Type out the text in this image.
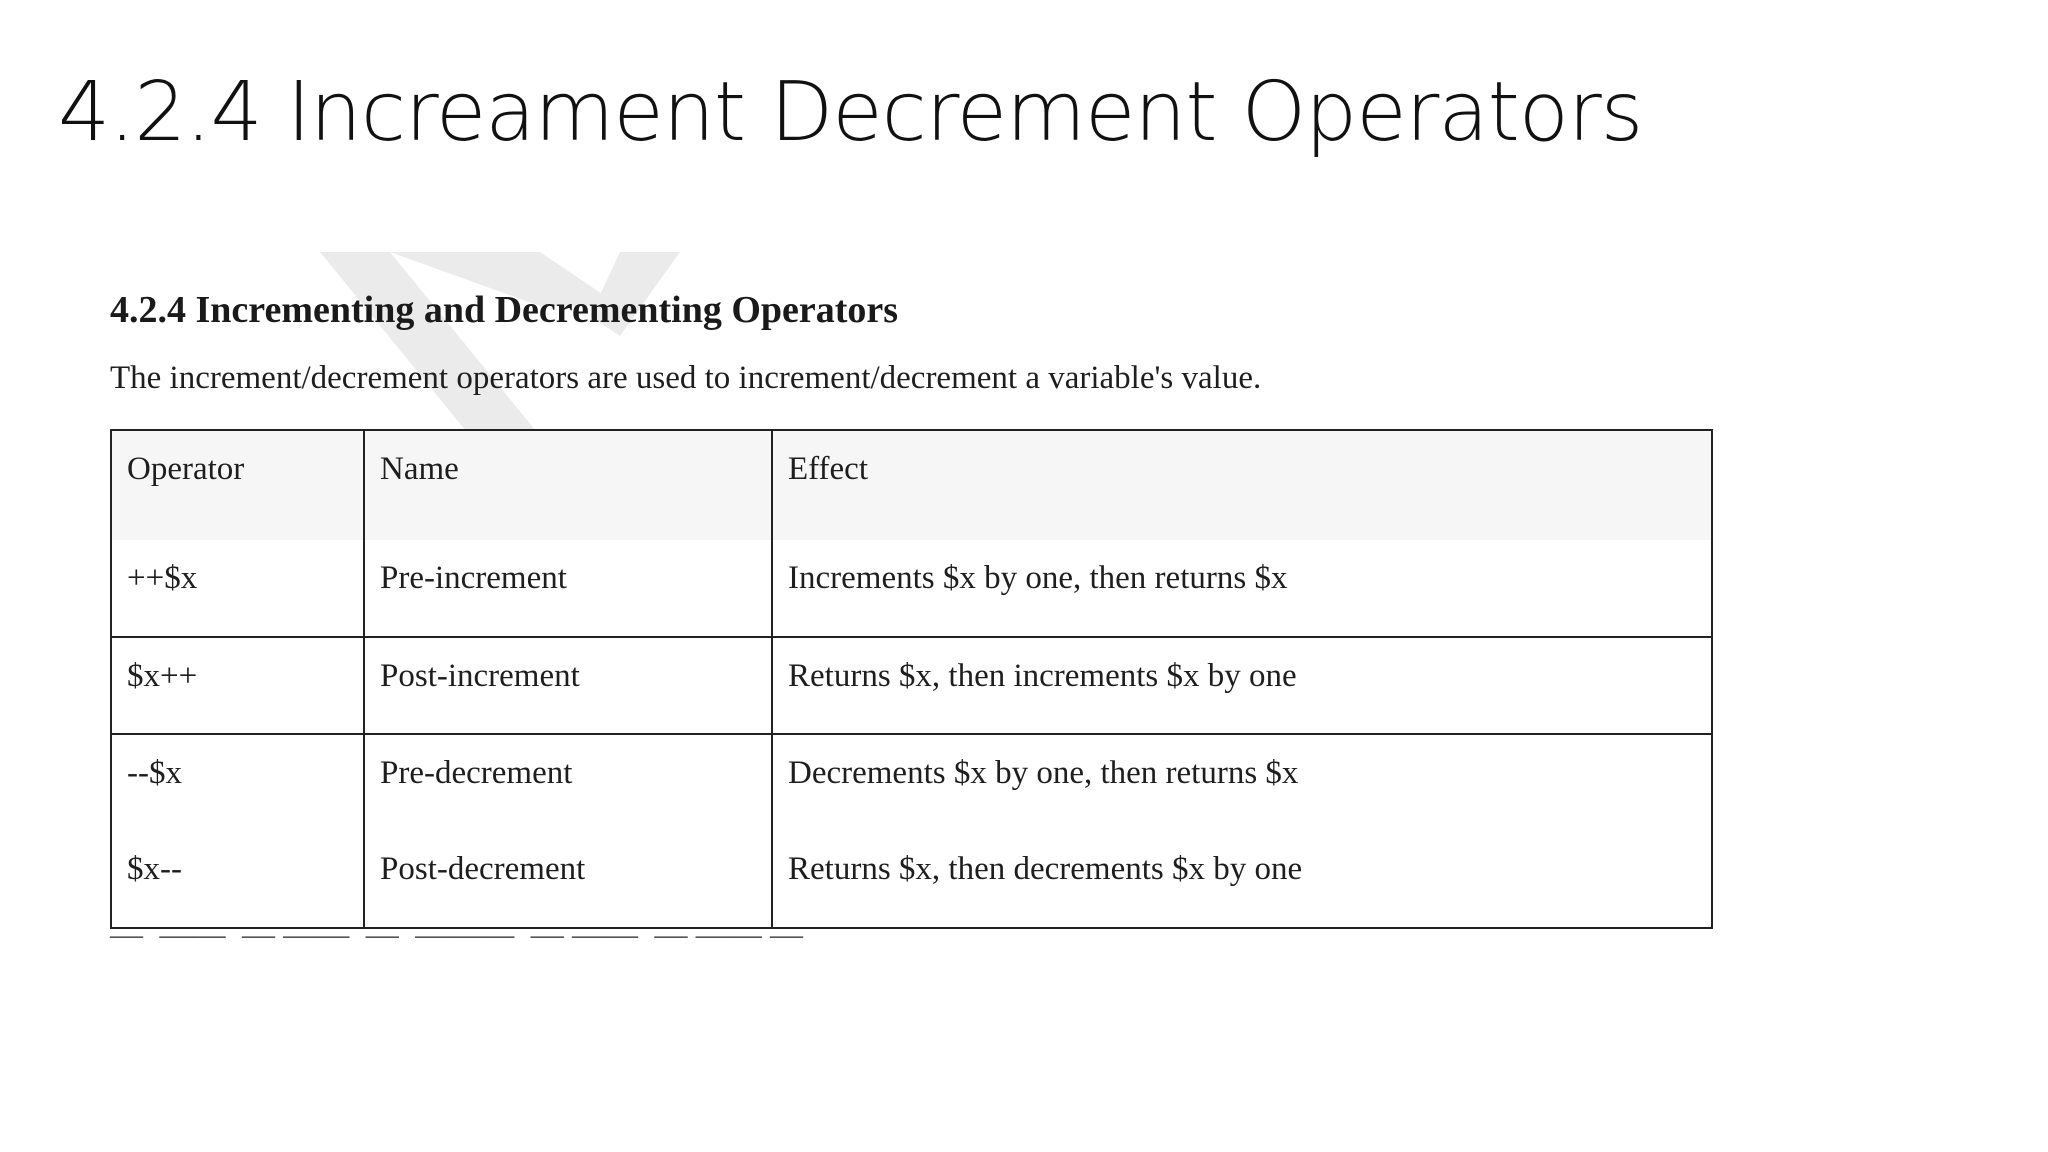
4.2.4 Increament Decrement Operators
4.2.4 Incrementing and Decrementing Operators
The increment/decrement operators are used to increment/decrement a variable's value.
Operator	Name	Effect
++$x	Pre-increment	Increments $x by one, then returns $x
$x++	Post-increment	Returns $x, then increments $x by one
--$x	Pre-decrement	Decrements $x by one, then returns $x
$x--	Post-decrement	Returns $x, then decrements $x by one
—  ——  — ——  —  ———  — ——  — —— —
